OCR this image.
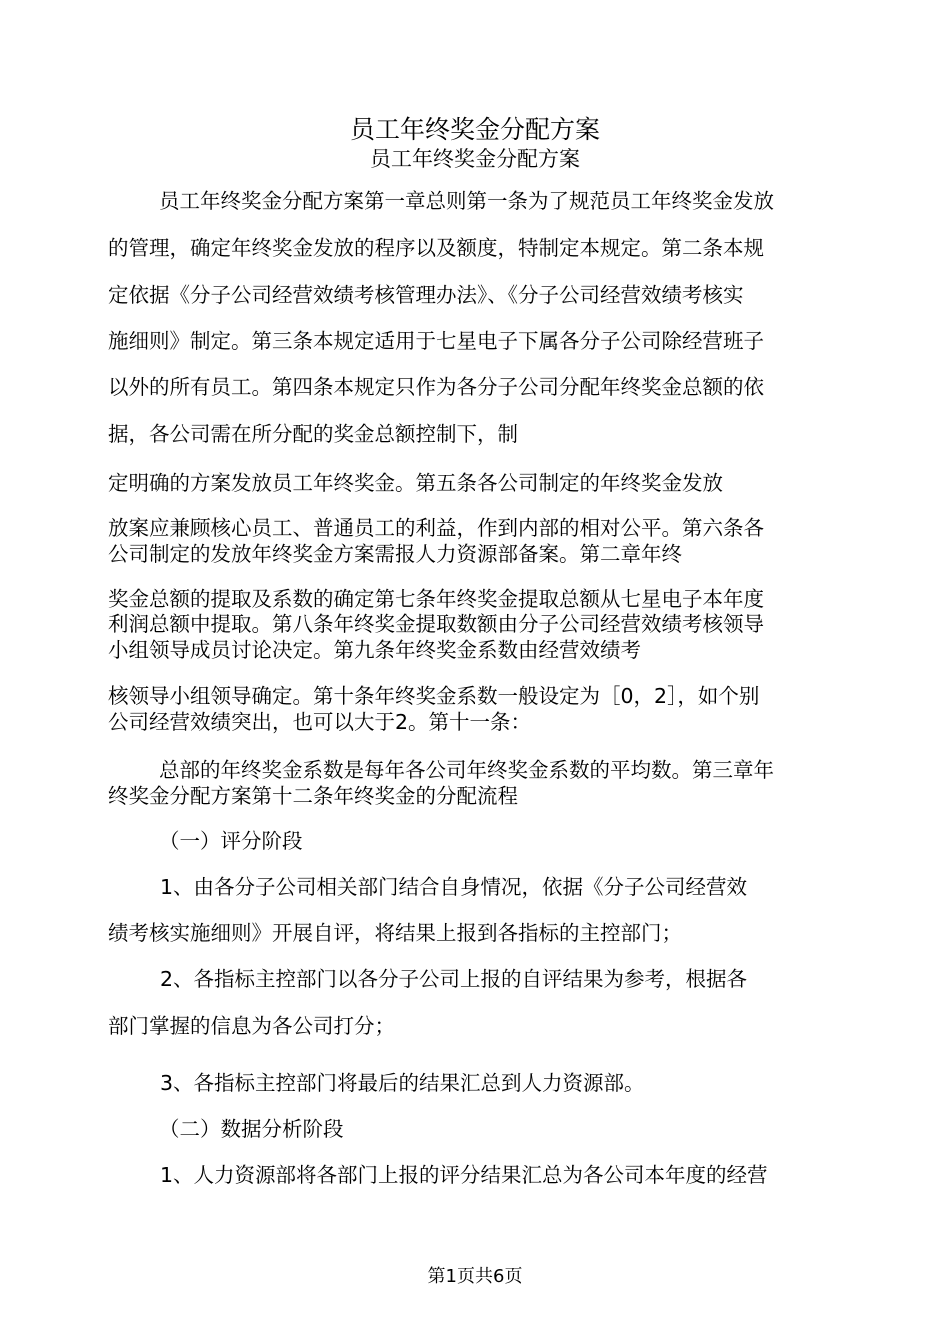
员工年终奖金分配方案
员工年终奖金分配方案
员工年终奖金分配方案第一章总则第一条为了规范员工年终奖金发放
的管理，确定年终奖金发放的程序以及额度，特制定本规定。第二条本规
定依据《分子公司经营效绩考核管理办法》、《分子公司经营效绩考核实
施细则》制定。第三条本规定适用于七星电子下属各分子公司除经营班子
以外的所有员工。第四条本规定只作为各分子公司分配年终奖金总额的依
据，各公司需在所分配的奖金总额控制下，制
定明确的方案发放员工年终奖金。第五条各公司制定的年终奖金发放
放案应兼顾核心员工、普通员工的利益，作到内部的相对公平。第六条各
公司制定的发放年终奖金方案需报人力资源部备案。第二章年终
奖金总额的提取及系数的确定第七条年终奖金提取总额从七星电子本年度
利润总额中提取。第八条年终奖金提取数额由分子公司经营效绩考核领导
小组领导成员讨论决定。第九条年终奖金系数由经营效绩考
核领导小组领导确定。第十条年终奖金系数一般设定为［0，2］，如个别
公司经营效绩突出，也可以大于2。第十一条：
总部的年终奖金系数是每年各公司年终奖金系数的平均数。第三章年
终奖金分配方案第十二条年终奖金的分配流程
（一）评分阶段
1、由各分子公司相关部门结合自身情况，依据《分子公司经营效
绩考核实施细则》开展自评，将结果上报到各指标的主控部门；
2、各指标主控部门以各分子公司上报的自评结果为参考，根据各
部门掌握的信息为各公司打分；
3、各指标主控部门将最后的结果汇总到人力资源部。
（二）数据分析阶段
1、人力资源部将各部门上报的评分结果汇总为各公司本年度的经营
第1页共6页
